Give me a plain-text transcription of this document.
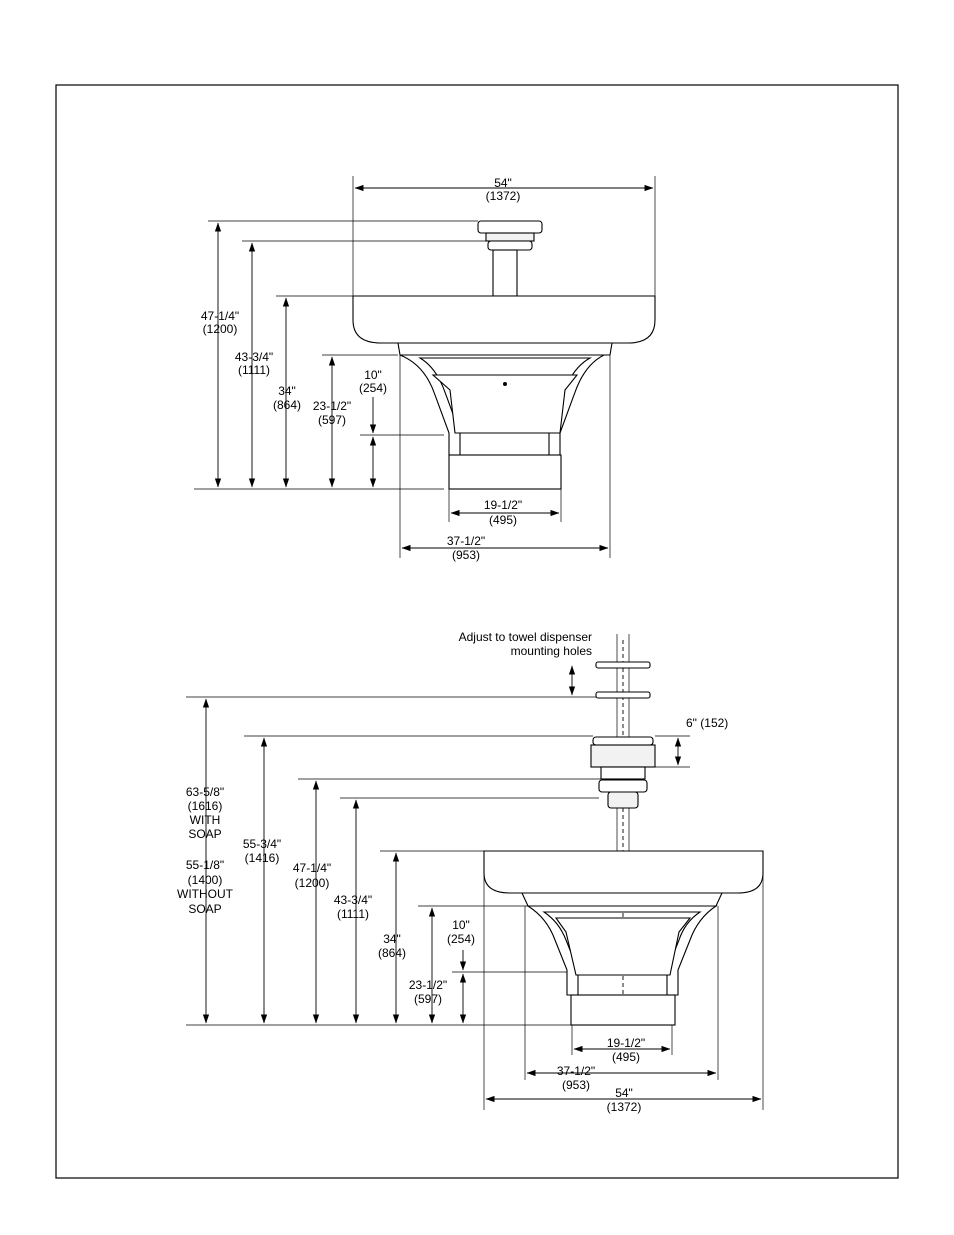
54"
(1372)
47-1/4"
(1200)
43-3/4"
(1111)
34"
(864) 23-1/2"
(597)
10"
(254)
19-1/2"
(495)
37-1/2"
(953)
Adjust to towel dispenser
mounting holes
6" (152)
63-5/8"
(1616)
WITH
SOAP
55-1/8"
(1400)
WITHOUT
SOAP
55-3/4"
(1416)
47-1/4"
(1200)
43-3/4"
(1111)
34"
(864)
10"
(254)
23-1/2"
(597)
19-1/2"
(495)
37-1/2"
(953)
54"
(1372)
